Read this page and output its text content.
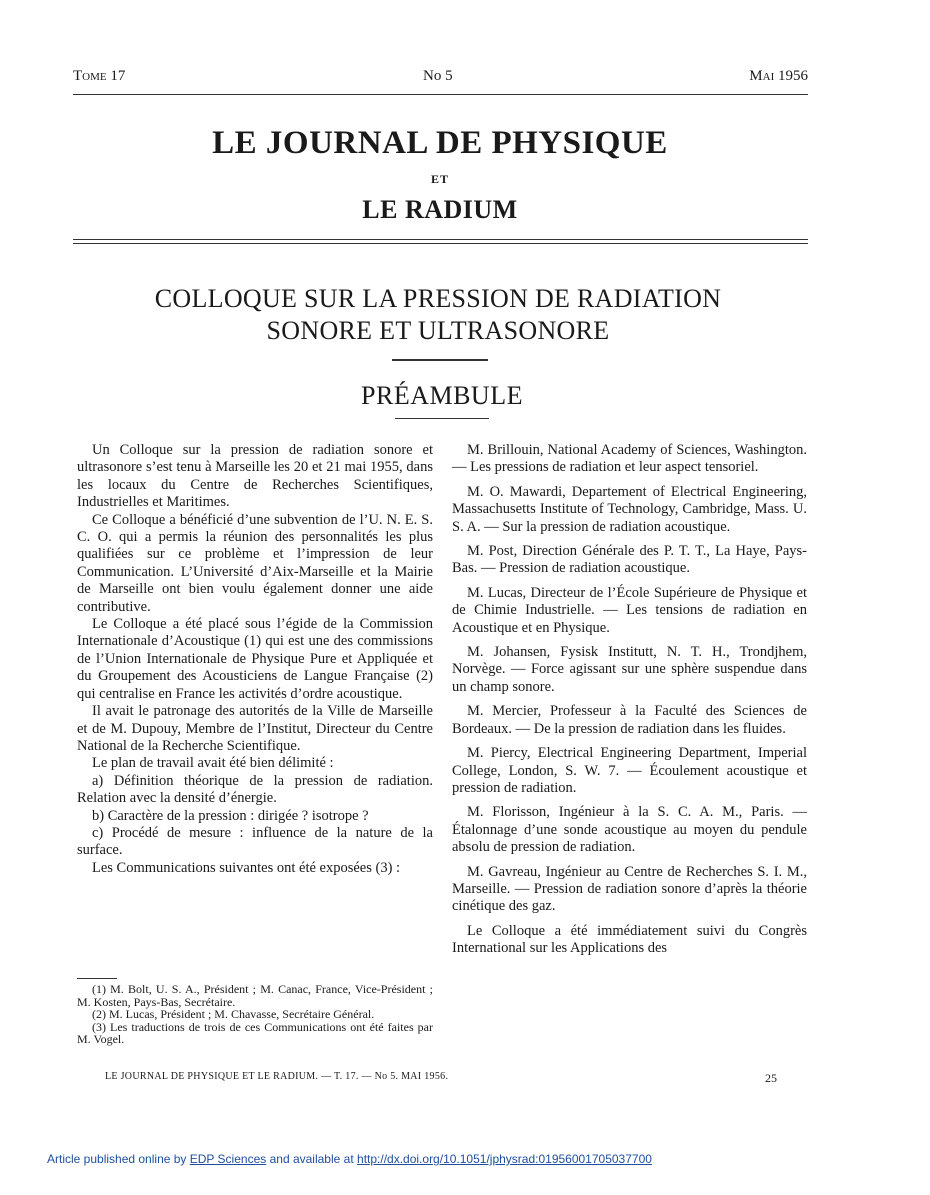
Tome 17	No 5	Mai 1956
LE JOURNAL DE PHYSIQUE
ET
LE RADIUM
COLLOQUE SUR LA PRESSION DE RADIATION
SONORE ET ULTRASONORE
PRÉAMBULE

Un Colloque sur la pression de radiation sonore et ultrasonore s’est tenu à Marseille les 20 et 21 mai 1955, dans les locaux du Centre de Recherches Scientifiques, Industrielles et Maritimes.

Ce Colloque a bénéficié d’une subvention de l’U. N. E. S. C. O. qui a permis la réunion des personnalités les plus qualifiées sur ce problème et l’impression de leur Communication. L’Université d’Aix-Marseille et la Mairie de Marseille ont bien voulu également donner une aide contributive.

Le Colloque a été placé sous l’égide de la Commission Internationale d’Acoustique (1) qui est une des commissions de l’Union Internationale de Physique Pure et Appliquée et du Groupement des Acousticiens de Langue Française (2) qui centralise en France les activités d’ordre acoustique.

Il avait le patronage des autorités de la Ville de Marseille et de M. Dupouy, Membre de l’Institut, Directeur du Centre National de la Recherche Scientifique.

Le plan de travail avait été bien délimité :

a) Définition théorique de la pression de radiation. Relation avec la densité d’énergie.

b) Caractère de la pression : dirigée ? isotrope ?

c) Procédé de mesure : influence de la nature de la surface.

Les Communications suivantes ont été exposées (3) :

(1) M. Bolt, U. S. A., Président ; M. Canac, France, Vice-Président ; M. Kosten, Pays-Bas, Secrétaire.

(2) M. Lucas, Président ; M. Chavasse, Secrétaire Général.

(3) Les traductions de trois de ces Communications ont été faites par M. Vogel.

M. Brillouin, National Academy of Sciences, Washington. — Les pressions de radiation et leur aspect tensoriel.

M. O. Mawardi, Departement of Electrical Engineering, Massachusetts Institute of Technology, Cambridge, Mass. U. S. A. — Sur la pression de radiation acoustique.

M. Post, Direction Générale des P. T. T., La Haye, Pays-Bas. — Pression de radiation acoustique.

M. Lucas, Directeur de l’École Supérieure de Physique et de Chimie Industrielle. — Les tensions de radiation en Acoustique et en Physique.

M. Johansen, Fysisk Institutt, N. T. H., Trondjhem, Norvège. — Force agissant sur une sphère suspendue dans un champ sonore.

M. Mercier, Professeur à la Faculté des Sciences de Bordeaux. — De la pression de radiation dans les fluides.

M. Piercy, Electrical Engineering Department, Imperial College, London, S. W. 7. — Écoulement acoustique et pression de radiation.

M. Florisson, Ingénieur à la S. C. A. M., Paris. — Étalonnage d’une sonde acoustique au moyen du pendule absolu de pression de radiation.

M. Gavreau, Ingénieur au Centre de Recherches S. I. M., Marseille. — Pression de radiation sonore d’après la théorie cinétique des gaz.

Le Colloque a été immédiatement suivi du Congrès International sur les Applications des

LE JOURNAL DE PHYSIQUE ET LE RADIUM. — T. 17. — No 5. MAI 1956.	25
Article published online by EDP Sciences and available at http://dx.doi.org/10.1051/jphysrad:01956001705037700
